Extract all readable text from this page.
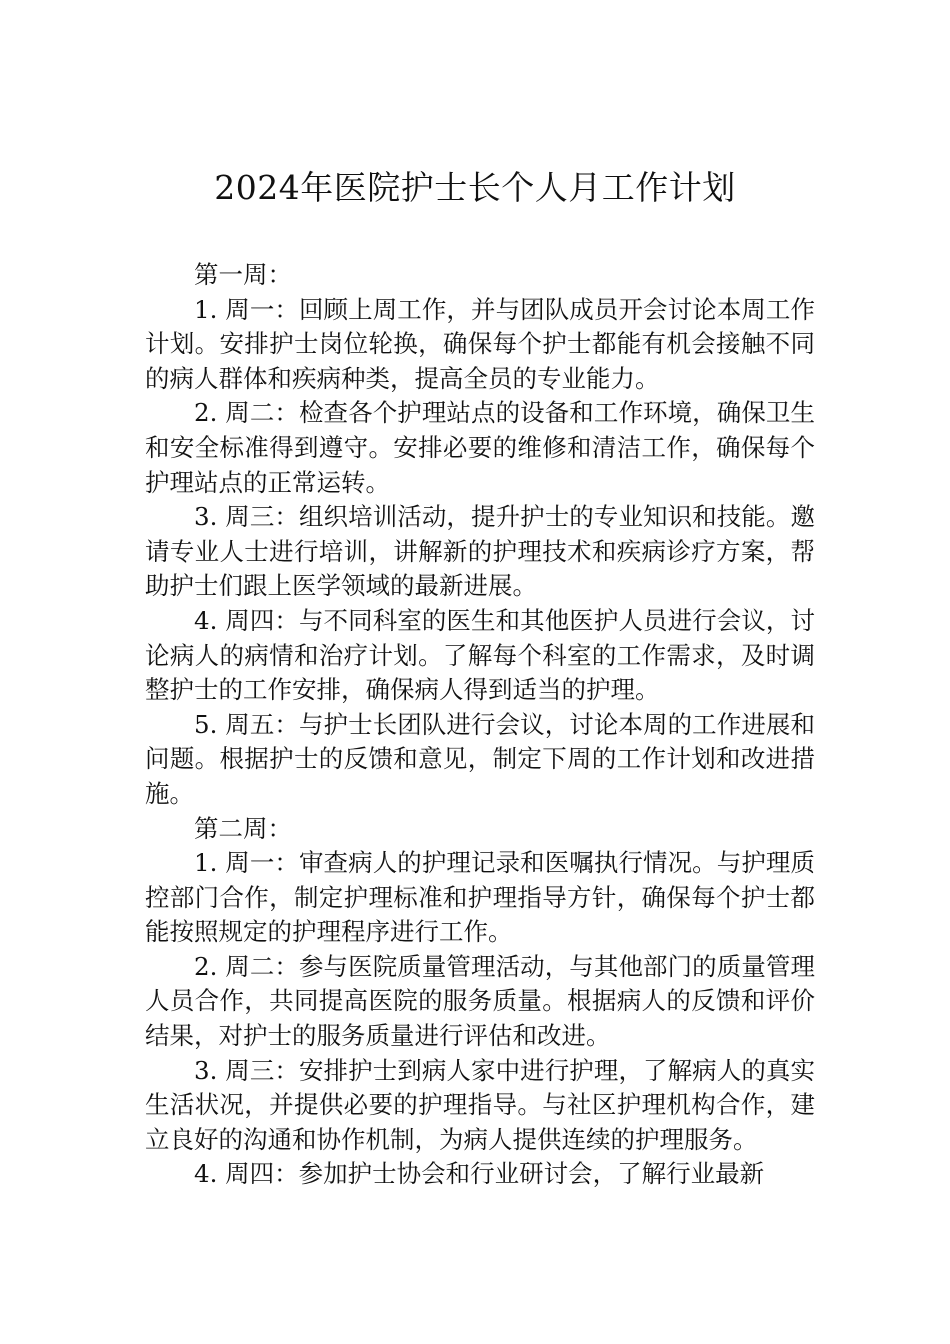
2024年医院护士长个人月工作计划

第一周：

1. 周一：回顾上周工作，并与团队成员开会讨论本周工作计划。安排护士岗位轮换，确保每个护士都能有机会接触不同的病人群体和疾病种类，提高全员的专业能力。

2. 周二：检查各个护理站点的设备和工作环境，确保卫生和安全标准得到遵守。安排必要的维修和清洁工作，确保每个护理站点的正常运转。

3. 周三：组织培训活动，提升护士的专业知识和技能。邀请专业人士进行培训，讲解新的护理技术和疾病诊疗方案，帮助护士们跟上医学领域的最新进展。

4. 周四：与不同科室的医生和其他医护人员进行会议，讨论病人的病情和治疗计划。了解每个科室的工作需求，及时调整护士的工作安排，确保病人得到适当的护理。

5. 周五：与护士长团队进行会议，讨论本周的工作进展和问题。根据护士的反馈和意见，制定下周的工作计划和改进措施。

第二周：

1. 周一：审查病人的护理记录和医嘱执行情况。与护理质控部门合作，制定护理标准和护理指导方针，确保每个护士都能按照规定的护理程序进行工作。

2. 周二：参与医院质量管理活动，与其他部门的质量管理人员合作，共同提高医院的服务质量。根据病人的反馈和评价结果，对护士的服务质量进行评估和改进。

3. 周三：安排护士到病人家中进行护理，了解病人的真实生活状况，并提供必要的护理指导。与社区护理机构合作，建立良好的沟通和协作机制，为病人提供连续的护理服务。

4. 周四：参加护士协会和行业研讨会，了解行业最新
